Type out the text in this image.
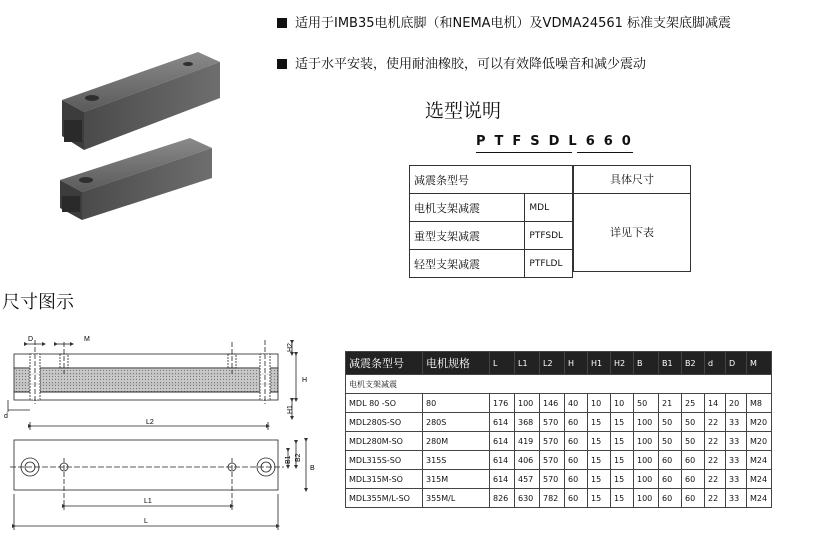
适用于IMB35电机底脚（和NEMA电机）及VDMA24561 标准支架底脚减震
适于水平安装，使用耐油橡胶，可以有效降低噪音和减少震动
选型说明
PTFSDL660
减震条型号	
电机支架减震	MDL
重型支架减震	PTFSDL
轻型支架减震	PTFLDL
具体尺寸
详见下表
尺寸图示
D	M
H2
H
H1
d
L2
B1 B2
B
L1
L
减震条型号	电机规格	L	L1	L2	H	H1	H2	B	B1	B2	d	D	M
电机支架减震													
MDL 80 -SO	80	176	100	146	40	10	10	50	21	25	14	20	M8
MDL280S-SO	280S	614	368	570	60	15	15	100	50	50	22	33	M20
MDL280M-SO	280M	614	419	570	60	15	15	100	50	50	22	33	M20
MDL315S-SO	315S	614	406	570	60	15	15	100	60	60	22	33	M24
MDL315M-SO	315M	614	457	570	60	15	15	100	60	60	22	33	M24
MDL355M/L-SO	355M/L	826	630	782	60	15	15	100	60	60	22	33	M24
